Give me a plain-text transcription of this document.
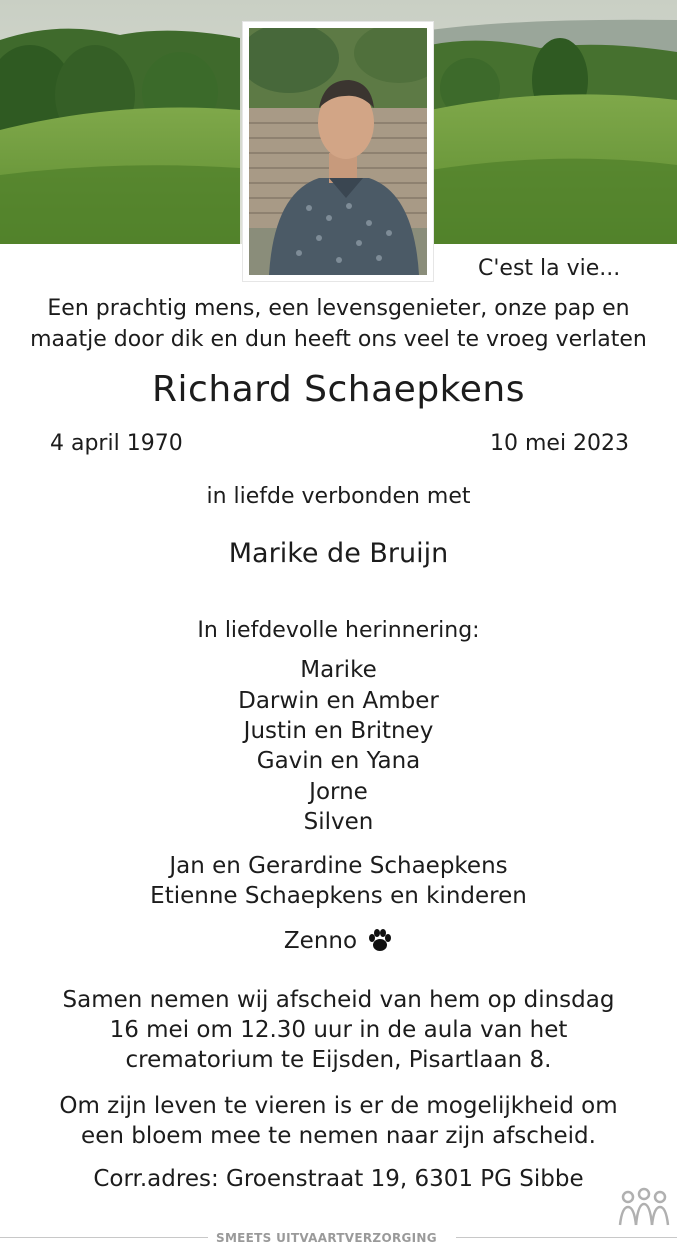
C'est la vie...
Een prachtig mens, een levensgenieter, onze pap en
maatje door dik en dun heeft ons veel te vroeg verlaten
Richard Schaepkens
4 april 1970	10 mei 2023
in liefde verbonden met
Marike de Bruijn
In liefdevolle herinnering:
Marike
Darwin en Amber
Justin en Britney
Gavin en Yana
Jorne
Silven
Jan en Gerardine Schaepkens
Etienne Schaepkens en kinderen
Zenno
Samen nemen wij afscheid van hem op dinsdag
16 mei om 12.30 uur in de aula van het
crematorium te Eijsden, Pisartlaan 8.
Om zijn leven te vieren is er de mogelijkheid om
een bloem mee te nemen naar zijn afscheid.
Corr.adres: Groenstraat 19, 6301 PG Sibbe
SMEETS UITVAARTVERZORGING
